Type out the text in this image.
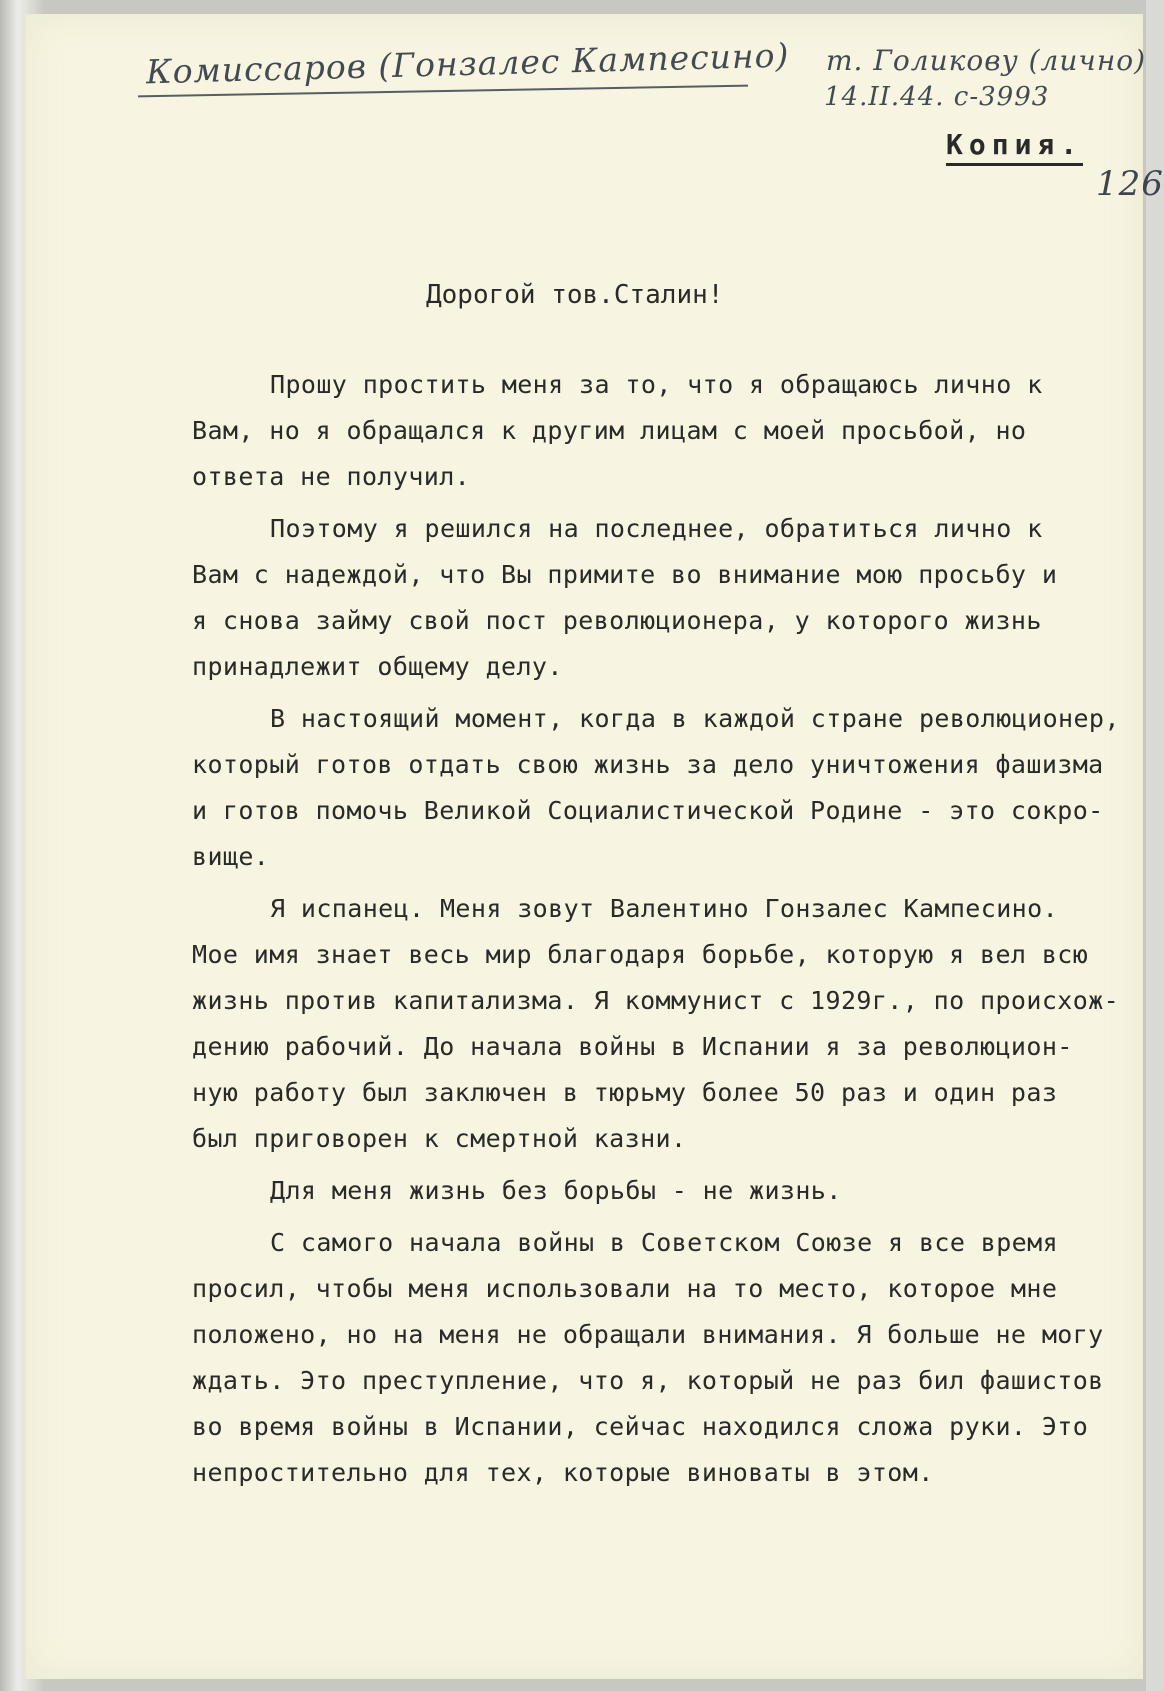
Комиссаров (Гонзалес Кампесино) т. Голикову (лично)
14.II.44. с-3993
Копия.
126
Дорогой тов.Сталин!
Прошу простить меня за то, что я обращаюсь лично к
Вам, но я обращался к другим лицам с моей просьбой, но
ответа не получил.
Поэтому я решился на последнее, обратиться лично к
Вам с надеждой, что Вы примите во внимание мою просьбу и
я снова займу свой пост революционера, у которого жизнь
принадлежит общему делу.
В настоящий момент, когда в каждой стране революционер,
который готов отдать свою жизнь за дело уничтожения фашизма
и готов помочь Великой Социалистической Родине - это сокро-
вище.
Я испанец. Меня зовут Валентино Гонзалес Кампесино.
Мое имя знает весь мир благодаря борьбе, которую я вел всю
жизнь против капитализма. Я коммунист с 1929г., по происхож-
дению рабочий. До начала войны в Испании я за революцион-
ную работу был заключен в тюрьму более 50 раз и один раз
был приговорен к смертной казни.
Для меня жизнь без борьбы - не жизнь.
С самого начала войны в Советском Союзе я все время
просил, чтобы меня использовали на то место, которое мне
положено, но на меня не обращали внимания. Я больше не могу
ждать. Это преступление, что я, который не раз бил фашистов
во время войны в Испании, сейчас находился сложа руки. Это
непростительно для тех, которые виноваты в этом.
